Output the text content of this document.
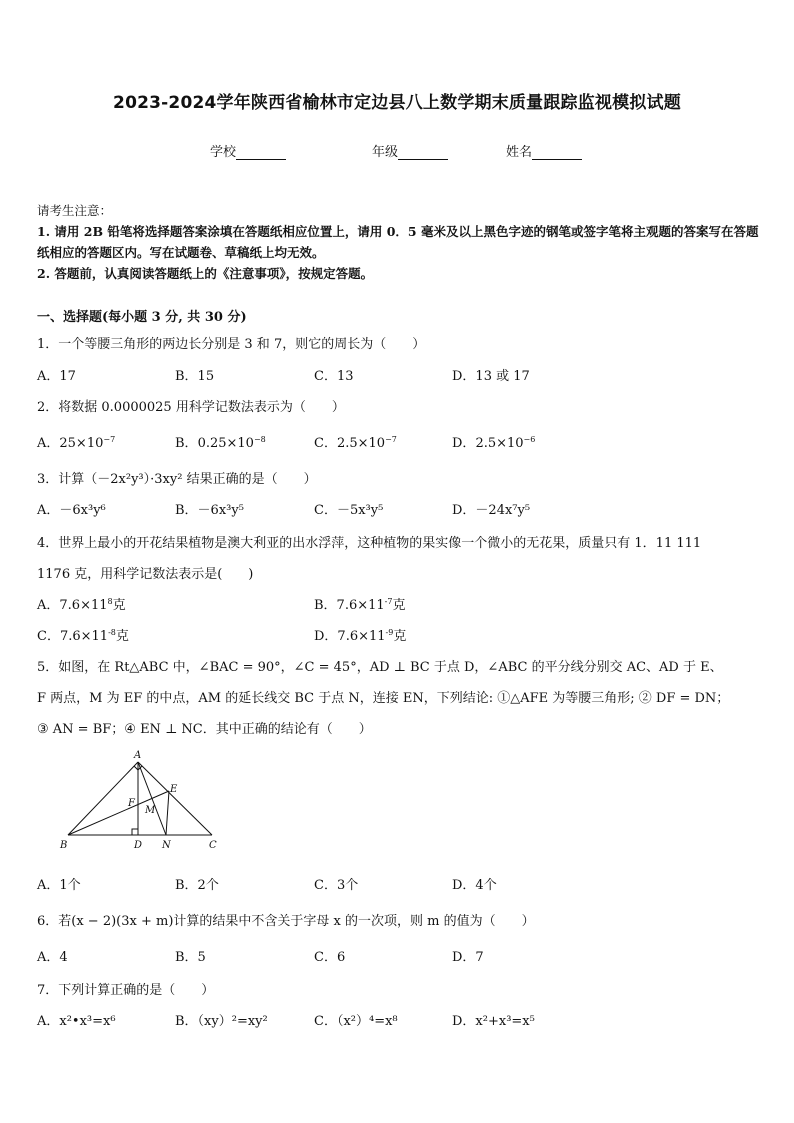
2023-2024学年陕西省榆林市定边县八上数学期末质量跟踪监视模拟试题
学校	年级	姓名
请考生注意：
1. 请用 2B 铅笔将选择题答案涂填在答题纸相应位置上，请用 0．5 毫米及以上黑色字迹的钢笔或签字笔将主观题的答案写在答题纸相应的答题区内。写在试题卷、草稿纸上均无效。
2. 答题前，认真阅读答题纸上的《注意事项》，按规定答题。
一、选择题(每小题 3 分, 共 30 分)
1．一个等腰三角形的两边长分别是 3 和 7，则它的周长为（　　）
A．17	B．15	C．13	D．13 或 17
2．将数据 0.0000025 用科学记数法表示为（　　）
A．$25\times 10^{-7}$	B．$0.25\times 10^{-8}$	C．$2.5\times 10^{-7}$	D．$2.5\times 10^{-6}$
3．计算（－2x²y³）·3xy² 结果正确的是（　　）
A．－6x³y⁶	B．－6x³y⁵	C．－5x³y⁵	D．－24x⁷y⁵
4．世界上最小的开花结果植物是澳大利亚的出水浮萍，这种植物的果实像一个微小的无花果，质量只有 1．11 111
1176 克，用科学记数法表示是(　　)
A．$7.6\times 11^8$克	B．$7.6\times 11^{-7}$克
C．$7.6\times 11^{-8}$克	D．$7.6\times 11^{-9}$克
5．如图，在 Rt△ABC 中，∠BAC = 90°，∠C = 45°，AD ⊥ BC 于点 D，∠ABC 的平分线分别交 AC、AD 于 E、
F 两点，M 为 EF 的中点，AM 的延长线交 BC 于点 N，连接 EN，下列结论: ①△AFE 为等腰三角形; ② DF = DN；
③ AN = BF；④ EN ⊥ NC．其中正确的结论有（　　）
A
B	C
D N
E
F
M
A．1个	B．2个	C．3个	D．4个
6．若(x − 2)(3x + m)计算的结果中不含关于字母 x 的一次项，则 m 的值为（　　）
A．4	B．5	C．6	D．7
7．下列计算正确的是（　　）
A．x²•x³=x⁶	B．（xy）²=xy²	C．（x²）⁴=x⁸	D．x²+x³=x⁵
